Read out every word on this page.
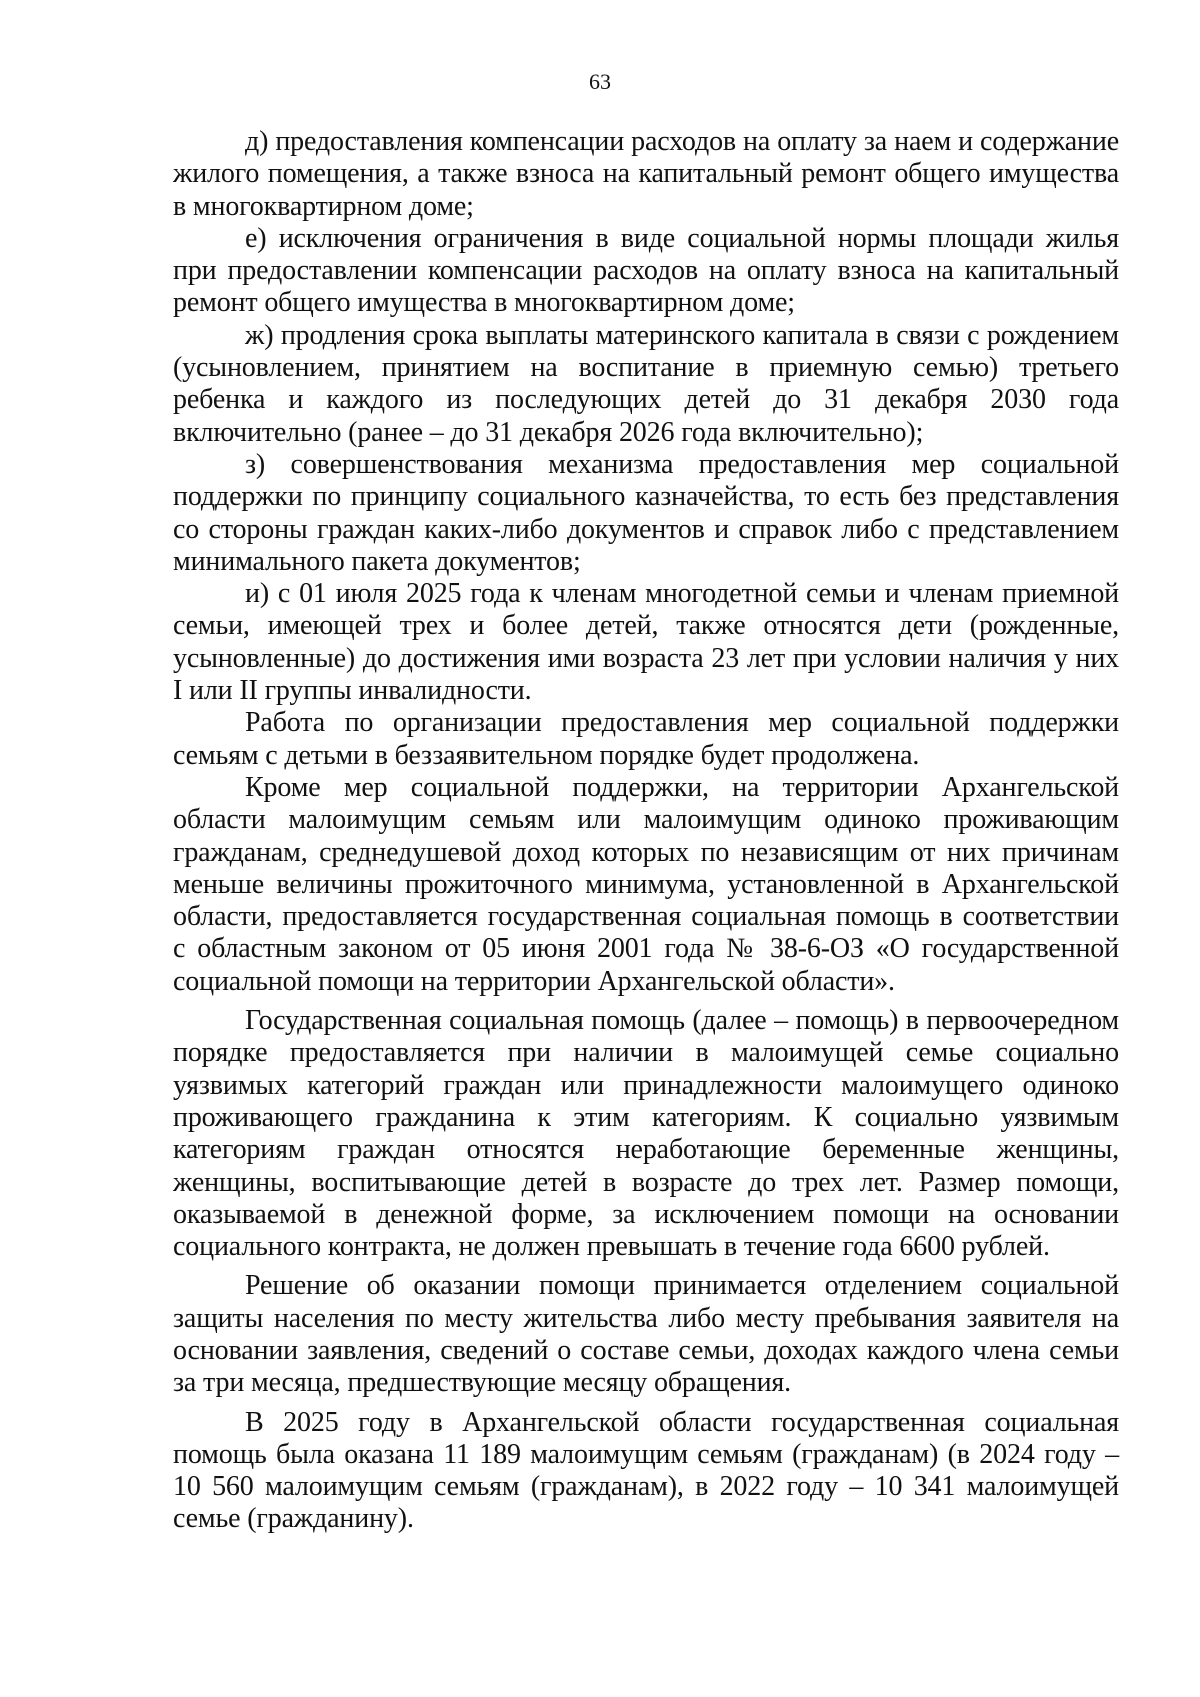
63

д) предоставления компенсации расходов на оплату за наем и содержание жилого помещения, а также взноса на капитальный ремонт общего имущества в многоквартирном доме;

е) исключения ограничения в виде социальной нормы площади жилья при предоставлении компенсации расходов на оплату взноса на капитальный ремонт общего имущества в многоквартирном доме;

ж) продления срока выплаты материнского капитала в связи с рождением (усыновлением, принятием на воспитание в приемную семью) третьего ребенка и каждого из последующих детей до 31 декабря 2030 года включительно (ранее – до 31 декабря 2026 года включительно);

з) совершенствования механизма предоставления мер социальной поддержки по принципу социального казначейства, то есть без представления со стороны граждан каких-либо документов и справок либо с представлением минимального пакета документов;

и) с 01 июля 2025 года к членам многодетной семьи и членам приемной семьи, имеющей трех и более детей, также относятся дети (рожденные, усыновленные) до достижения ими возраста 23 лет при условии наличия у них I или II группы инвалидности.

Работа по организации предоставления мер социальной поддержки семьям с детьми в беззаявительном порядке будет продолжена.

Кроме мер социальной поддержки, на территории Архангельской области малоимущим семьям или малоимущим одиноко проживающим гражданам, среднедушевой доход которых по независящим от них причинам меньше величины прожиточного минимума, установленной в Архангельской области, предоставляется государственная социальная помощь в соответствии с областным законом от 05 июня 2001 года № 38-6-ОЗ «О государственной социальной помощи на территории Архангельской области».

Государственная социальная помощь (далее – помощь) в первоочередном порядке предоставляется при наличии в малоимущей семье социально уязвимых категорий граждан или принадлежности малоимущего одиноко проживающего гражданина к этим категориям. К социально уязвимым категориям граждан относятся неработающие беременные женщины, женщины, воспитывающие детей в возрасте до трех лет. Размер помощи, оказываемой в денежной форме, за исключением помощи на основании социального контракта, не должен превышать в течение года 6600 рублей.

Решение об оказании помощи принимается отделением социальной защиты населения по месту жительства либо месту пребывания заявителя на основании заявления, сведений о составе семьи, доходах каждого члена семьи за три месяца, предшествующие месяцу обращения.

В 2025 году в Архангельской области государственная социальная помощь была оказана 11 189 малоимущим семьям (гражданам) (в 2024 году – 10 560 малоимущим семьям (гражданам), в 2022 году – 10 341 малоимущей семье (гражданину).
